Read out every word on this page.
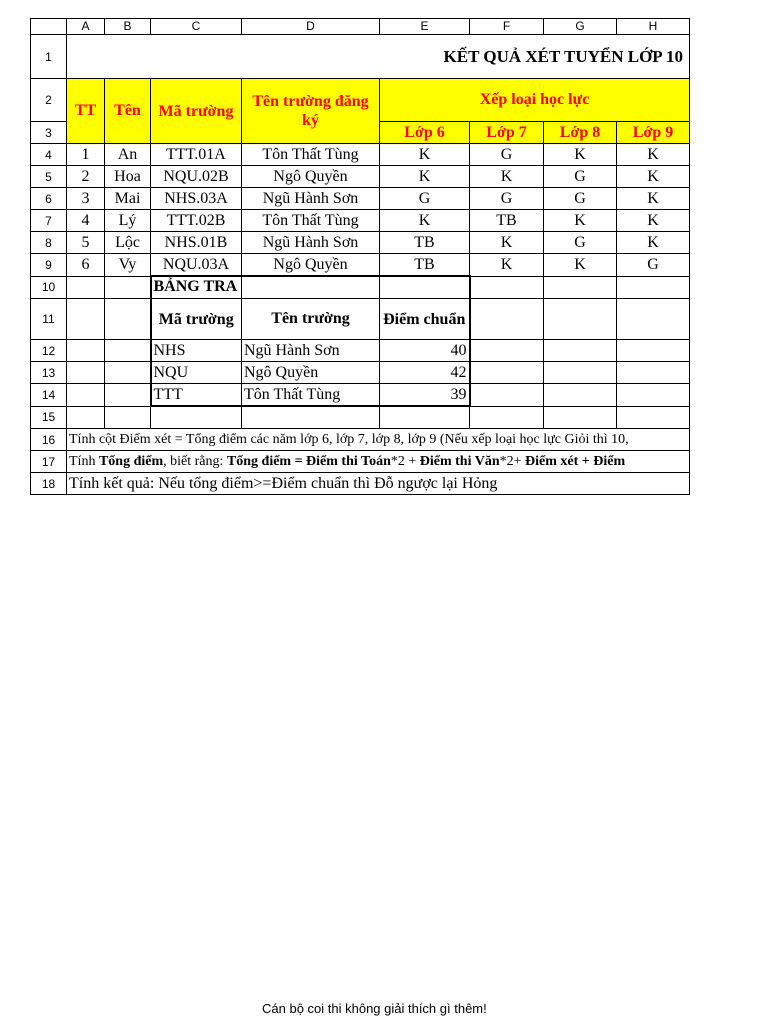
	A	B	C	D	E	F	G	H
1	KẾT QUẢ XÉT TUYỂN LỚP 10							
2	TT	Tên	Mã trường	Tên trường đăng ký	Xếp loại học lực			
3					Lớp 6	Lớp 7	Lớp 8	Lớp 9
4	1	An	TTT.01A	Tôn Thất Tùng	K	G	K	K
5	2	Hoa	NQU.02B	Ngô Quyền	K	K	G	K
6	3	Mai	NHS.03A	Ngũ Hành Sơn	G	G	G	K
7	4	Lý	TTT.02B	Tôn Thất Tùng	K	TB	K	K
8	5	Lộc	NHS.01B	Ngũ Hành Sơn	TB	K	G	K
9	6	Vy	NQU.03A	Ngô Quyền	TB	K	K	G
10			BẢNG TRA					

11			Mã trường	Tên trường	Điểm chuẩn			
12			NHS	Ngũ Hành Sơn	40			
13			NQU	Ngô Quyền	42			
14			TTT	Tôn Thất Tùng	39			
15								
16	Tính cột Điểm xét = Tổng điểm các năm lớp 6, lớp 7, lớp 8, lớp 9 (Nếu xếp loại học lực Giỏi thì 10,							
17	Tính Tổng điểm, biết rằng: Tổng điểm = Điểm thi Toán*2 + Điểm thi Văn*2+ Điểm xét + Điểm							
18	Tính kết quả: Nếu tổng điểm>=Điểm chuẩn thì Đỗ ngược lại Hỏng							
Cán bộ coi thi không giải thích gì thêm!
